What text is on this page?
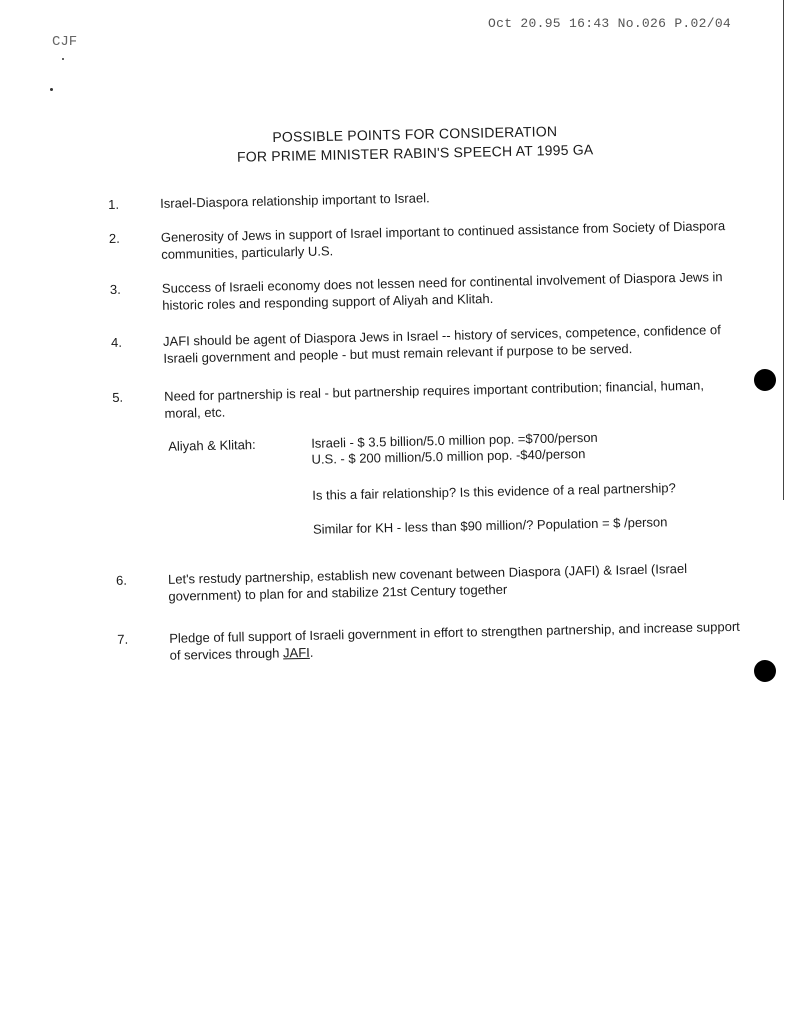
Oct 20.95 16:43 No.026 P.02/04
CJF
POSSIBLE POINTS FOR CONSIDERATION
FOR PRIME MINISTER RABIN'S SPEECH AT 1995 GA
1.	Israel-Diaspora relationship important to Israel.
2.	Generosity of Jews in support of Israel important to continued assistance from Society of Diaspora communities, particularly U.S.
3.	Success of Israeli economy does not lessen need for continental involvement of Diaspora Jews in historic roles and responding support of Aliyah and Klitah.
4.	JAFI should be agent of Diaspora Jews in Israel -- history of services, competence, confidence of Israeli government and people - but must remain relevant if purpose to be served.
5.	Need for partnership is real - but partnership requires important contribution; financial, human, moral, etc.
Aliyah & Klitah:	Israeli - $ 3.5 billion/5.0 million pop. =$700/person
U.S. - $ 200 million/5.0 million pop. -$40/person
Is this a fair relationship? Is this evidence of a real partnership?
Similar for KH - less than $90 million/? Population = $ /person
6.	Let's restudy partnership, establish new covenant between Diaspora (JAFI) & Israel (Israel government) to plan for and stabilize 21st Century together
7.	Pledge of full support of Israeli government in effort to strengthen partnership, and increase support of services through JAFI.
